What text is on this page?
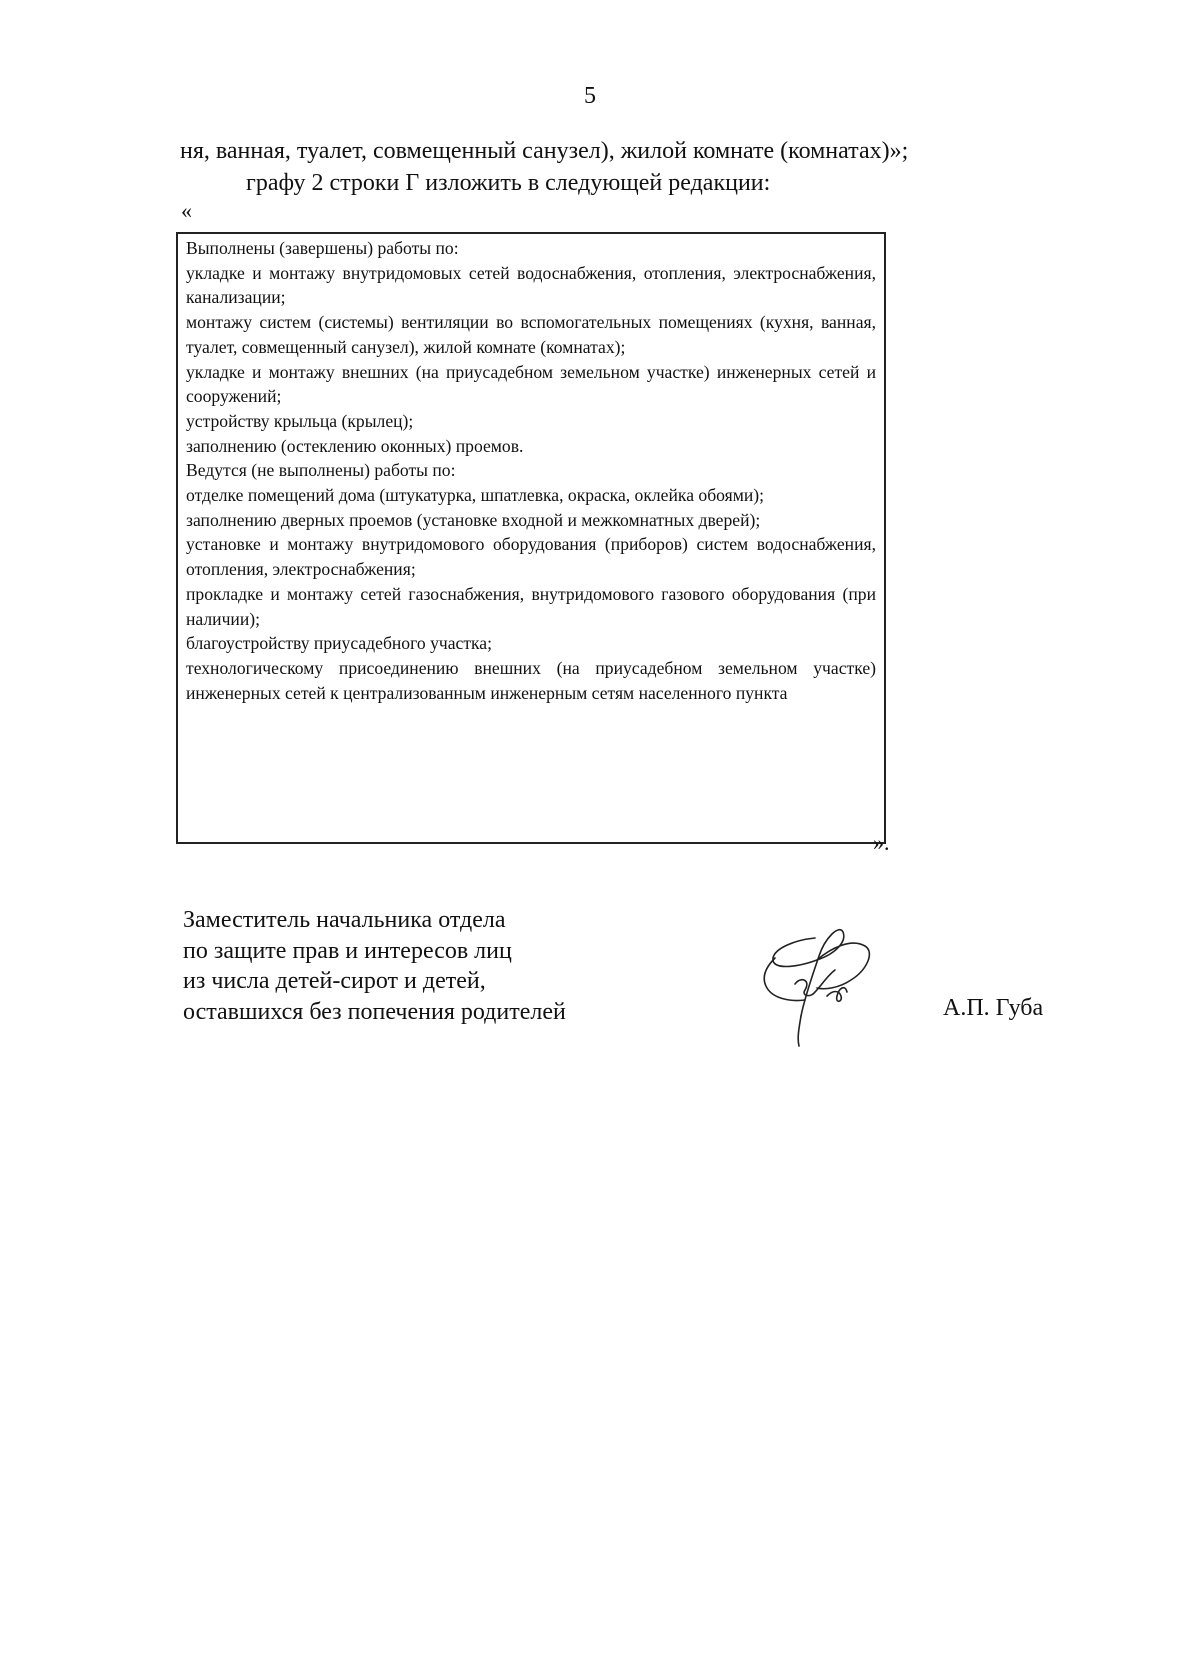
5
ня, ванная, туалет, совмещенный санузел), жилой комнате (комнатах)»;
графу 2 строки Г изложить в следующей редакции:
«

Выполнены (завершены) работы по:

укладке и монтажу внутридомовых сетей водоснабжения, отопления, электроснабжения, канализации;

монтажу систем (системы) вентиляции во вспомогательных помещениях (кухня, ванная, туалет, совмещенный санузел), жилой комнате (комнатах);

укладке и монтажу внешних (на приусадебном земельном участке) инженерных сетей и сооружений;

устройству крыльца (крылец);

заполнению (остеклению оконных) проемов.

Ведутся (не выполнены) работы по:

отделке помещений дома (штукатурка, шпатлевка, окраска, оклейка обоями);

заполнению дверных проемов (установке входной и межкомнатных дверей);

установке и монтажу внутридомового оборудования (приборов) систем водоснабжения, отопления, электроснабжения;

прокладке и монтажу сетей газоснабжения, внутридомового газового оборудования (при наличии);

благоустройству приусадебного участка;

технологическому присоединению внешних (на приусадебном земельном участке) инженерных сетей к централизованным инженерным сетям населенного пункта

».
Заместитель начальника отдела
по защите прав и интересов лиц
из числа детей-сирот и детей,
оставшихся без попечения родителей	А.П. Губа
